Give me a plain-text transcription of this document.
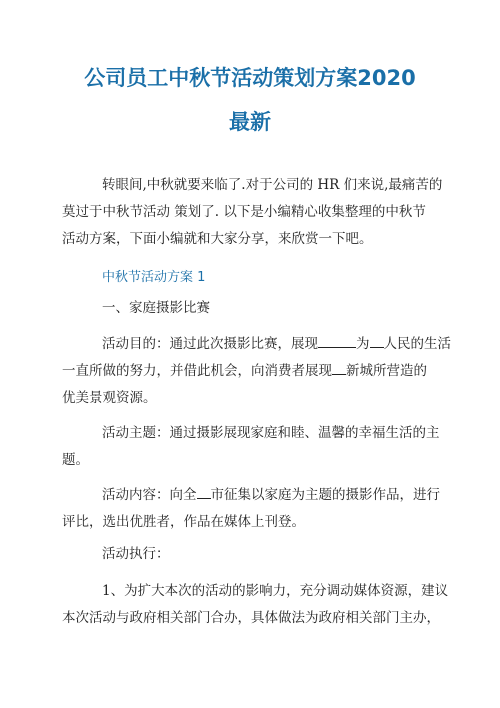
公司员工中秋节活动策划方案2020
最新

转眼间,中秋就要来临了.对于公司的 HR 们来说,最痛苦的
莫过于中秋节活动 策划了. 以下是小编精心收集整理的中秋节
活动方案，下面小编就和大家分享，来欣赏一下吧。

中秋节活动方案 1

一、家庭摄影比赛

活动目的：通过此次摄影比赛，展现	为 人民的生活
一直所做的努力，并借此机会，向消费者展现 新城所营造的
优美景观资源。

活动主题：通过摄影展现家庭和睦、温馨的幸福生活的主
题。

活动内容：向全 市征集以家庭为主题的摄影作品，进行
评比，选出优胜者，作品在媒体上刊登。

活动执行：

1、为扩大本次的活动的影响力，充分调动媒体资源，建议
本次活动与政府相关部门合办，具体做法为政府相关部门主办，
